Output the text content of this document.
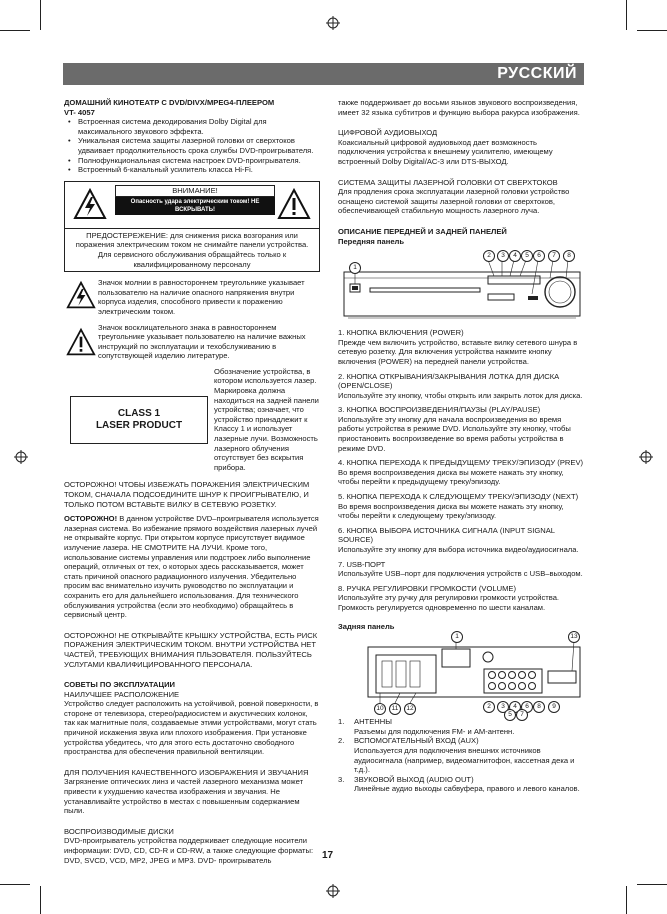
РУССКИЙ
ДОМАШНИЙ КИНОТЕАТР С DVD/DIVX/MPEG4-ПЛЕЕРОМ
VT- 4057
• Встроенная система декодирования Dolby Digital для максимального звукового эффекта.
• Уникальная система защиты лазерной головки от сверхтоков удваивает продолжительность срока службы DVD-проигрывателя.
• Полнофункциональная система настроек DVD-проигрывателя.
• Встроенный 6-канальный усилитель класса Hi-Fi.
ВНИМАНИЕ!
Опасность удара электрическим током! НЕ ВСКРЫВАТЬ!
ПРЕДОСТЕРЕЖЕНИЕ: для снижения риска возгорания или поражения электрическим током не снимайте панели устройства. Для сервисного обслуживания обращайтесь только к квалифицированному персоналу
Значок молнии в равностороннем треугольнике указывает пользователю на наличие опасного напряжения внутри корпуса изделия, способного привести к поражению электрическим током.
Значок восклицательного знака в равностороннем треугольнике указывает пользователю на наличие важных инструкций по эксплуатации и техобслуживанию в сопутствующей изделию литературе.
CLASS 1
LASER PRODUCT
Обозначение устройства, в котором используется лазер. Маркировка должна находиться на задней панели устройства; означает, что устройство принадлежит к Классу 1 и использует лазерные лучи. Возможность лазерного облучения отсутствует без вскрытия прибора.
ОСТОРОЖНО! ЧТОБЫ ИЗБЕЖАТЬ ПОРАЖЕНИЯ ЭЛЕКТРИЧЕСКИМ ТОКОМ, СНАЧАЛА ПОДСОЕДИНИТЕ ШНУР К ПРОИГРЫВАТЕЛЮ, И ТОЛЬКО ПОТОМ ВСТАВЬТЕ ВИЛКУ В СЕТЕВУЮ РОЗЕТКУ.
ОСТОРОЖНО! В данном устройстве DVD–проигрывателя используется лазерная система. Во избежание прямого воздействия лазерных лучей не открывайте корпус. При открытом корпусе присутствует видимое излучение лазера. НЕ СМОТРИТЕ НА ЛУЧИ. Кроме того, использование системы управления или подстроек либо выполнение операций, отличных от тех, о которых здесь рассказывается, может стать причиной опасного радиационного излучения. Убедительно просим вас внимательно изучить руководство по эксплуатации и сохранить его для дальнейшего использования. Для технического обслуживания устройства (если это необходимо) обращайтесь в сервисный центр.
ОСТОРОЖНО! НЕ ОТКРЫВАЙТЕ КРЫШКУ УСТРОЙСТВА, ЕСТЬ РИСК ПОРАЖЕНИЯ ЭЛЕКТРИЧЕСКИМ ТОКОМ. ВНУТРИ УСТРОЙСТВА НЕТ ЧАСТЕЙ, ТРЕБУЮЩИХ ВНИМАНИЯ ПЛЬЗОВАТЕЛЯ. ПОЛЬЗУЙТЕСЬ УСЛУГАМИ КВАЛИФИЦИРОВАННОГО ПЕРСОНАЛА.
СОВЕТЫ ПО ЭКСПЛУАТАЦИИ
НАИЛУЧШЕЕ РАСПОЛОЖЕНИЕ
Устройство следует расположить на устойчивой, ровной поверхности, в стороне от телевизора, стерео/радиосистем и акустических колонок, так как магнитные поля, создаваемые этими устройствами, могут стать причиной искажения звука или плохого изображения. При установке устройства убедитесь, что для этого есть достаточно свободного пространства для обеспечения правильной вентиляции.
ДЛЯ ПОЛУЧЕНИЯ КАЧЕСТВЕННОГО ИЗОБРАЖЕНИЯ И ЗВУЧАНИЯ
Загрязнение оптических линз и частей лазерного механизма может привести к ухудшению качества изображения и звучания. Не устанавливайте устройство в местах с повышенным содержанием пыли.
ВОСПРОИЗВОДИМЫЕ ДИСКИ
DVD-проигрыватель устройства поддерживает следующие носители информации: DVD, CD, CD-R и CD-RW, а также следующие форматы: DVD, SVCD, VCD, MP2, JPEG и MP3. DVD- проигрыватель
также поддерживает до восьми языков звукового воспроизведения, имеет 32 языка субтитров и функцию выбора ракурса изображения.
ЦИФРОВОЙ АУДИОВЫХОД
Коаксиальный цифровой аудиовыход дает возможность подключения устройства к внешнему усилителю, имеющему встроенный Dolby Digital/AC-3 или DTS-ВЫХОД.
СИСТЕМА ЗАЩИТЫ ЛАЗЕРНОЙ ГОЛОВКИ ОТ СВЕРХТОКОВ
Для продления срока эксплуатации лазерной головки устройство оснащено системой защиты лазерной головки от сверхтоков, обеспечивающей стабильную мощность лазерного луча.
ОПИСАНИЕ ПЕРЕДНЕЙ И ЗАДНЕЙ ПАНЕЛЕЙ
Передняя панель
1
2	3	4	5	6	7	8
1. КНОПКА ВКЛЮЧЕНИЯ (POWER)
Прежде чем включить устройство, вставьте вилку сетевого шнура в сетевую розетку. Для включения устройства нажмите кнопку включения (POWER) на передней панели устройства.
2. КНОПКА ОТКРЫВАНИЯ/ЗАКРЫВАНИЯ ЛОТКА ДЛЯ ДИСКА (OPEN/CLOSE)
Используйте эту кнопку, чтобы открыть или закрыть лоток для диска.
3. КНОПКА ВОСПРОИЗВЕДЕНИЯ/ПАУЗЫ (PLAY/PAUSE)
Используйте эту кнопку для начала воспроизведения во время работы устройства в режиме DVD. Используйте эту кнопку, чтобы приостановить воспроизведение во время работы устройства в режиме DVD.
4. КНОПКА ПЕРЕХОДА К ПРЕДЫДУЩЕМУ ТРЕКУ/ЭПИЗОДУ (PREV)
Во время воспроизведения диска вы можете нажать эту кнопку, чтобы перейти к предыдущему треку/эпизоду.
5. КНОПКА ПЕРЕХОДА К СЛЕДУЮЩЕМУ ТРЕКУ/ЭПИЗОДУ (NEXT)
Во время воспроизведения диска вы можете нажать эту кнопку, чтобы перейти к следующему треку/эпизоду.
6. КНОПКА ВЫБОРА ИСТОЧНИКА СИГНАЛА (INPUT SIGNAL SOURCE)
Используйте эту кнопку для выбора источника видео/аудиосигнала.
7. USB-ПОРТ
Используйте USB–порт для подключения устройств с USB–выходом.
8. РУЧКА РЕГУЛИРОВКИ ГРОМКОСТИ (VOLUME)
Используйте эту ручку для регулировки громкости устройства. Громкость регулируется одновременно по шести каналам.
Задняя панель
1	13
10	11	12	2	3	4	6	8	9
5	7
1.	АНТЕННЫ
Разъемы для подключения FM- и AM-антенн.
2.	ВСПОМОГАТЕЛЬНЫЙ ВХОД (AUX)
Используется для подключения внешних источников аудиосигнала (например, видеомагнитофон, кассетная дека и т.д.).
3.	ЗВУКОВОЙ ВЫХОД (AUDIO OUT)
Линейные аудио выходы сабвуфера, правого и левого каналов.
17
